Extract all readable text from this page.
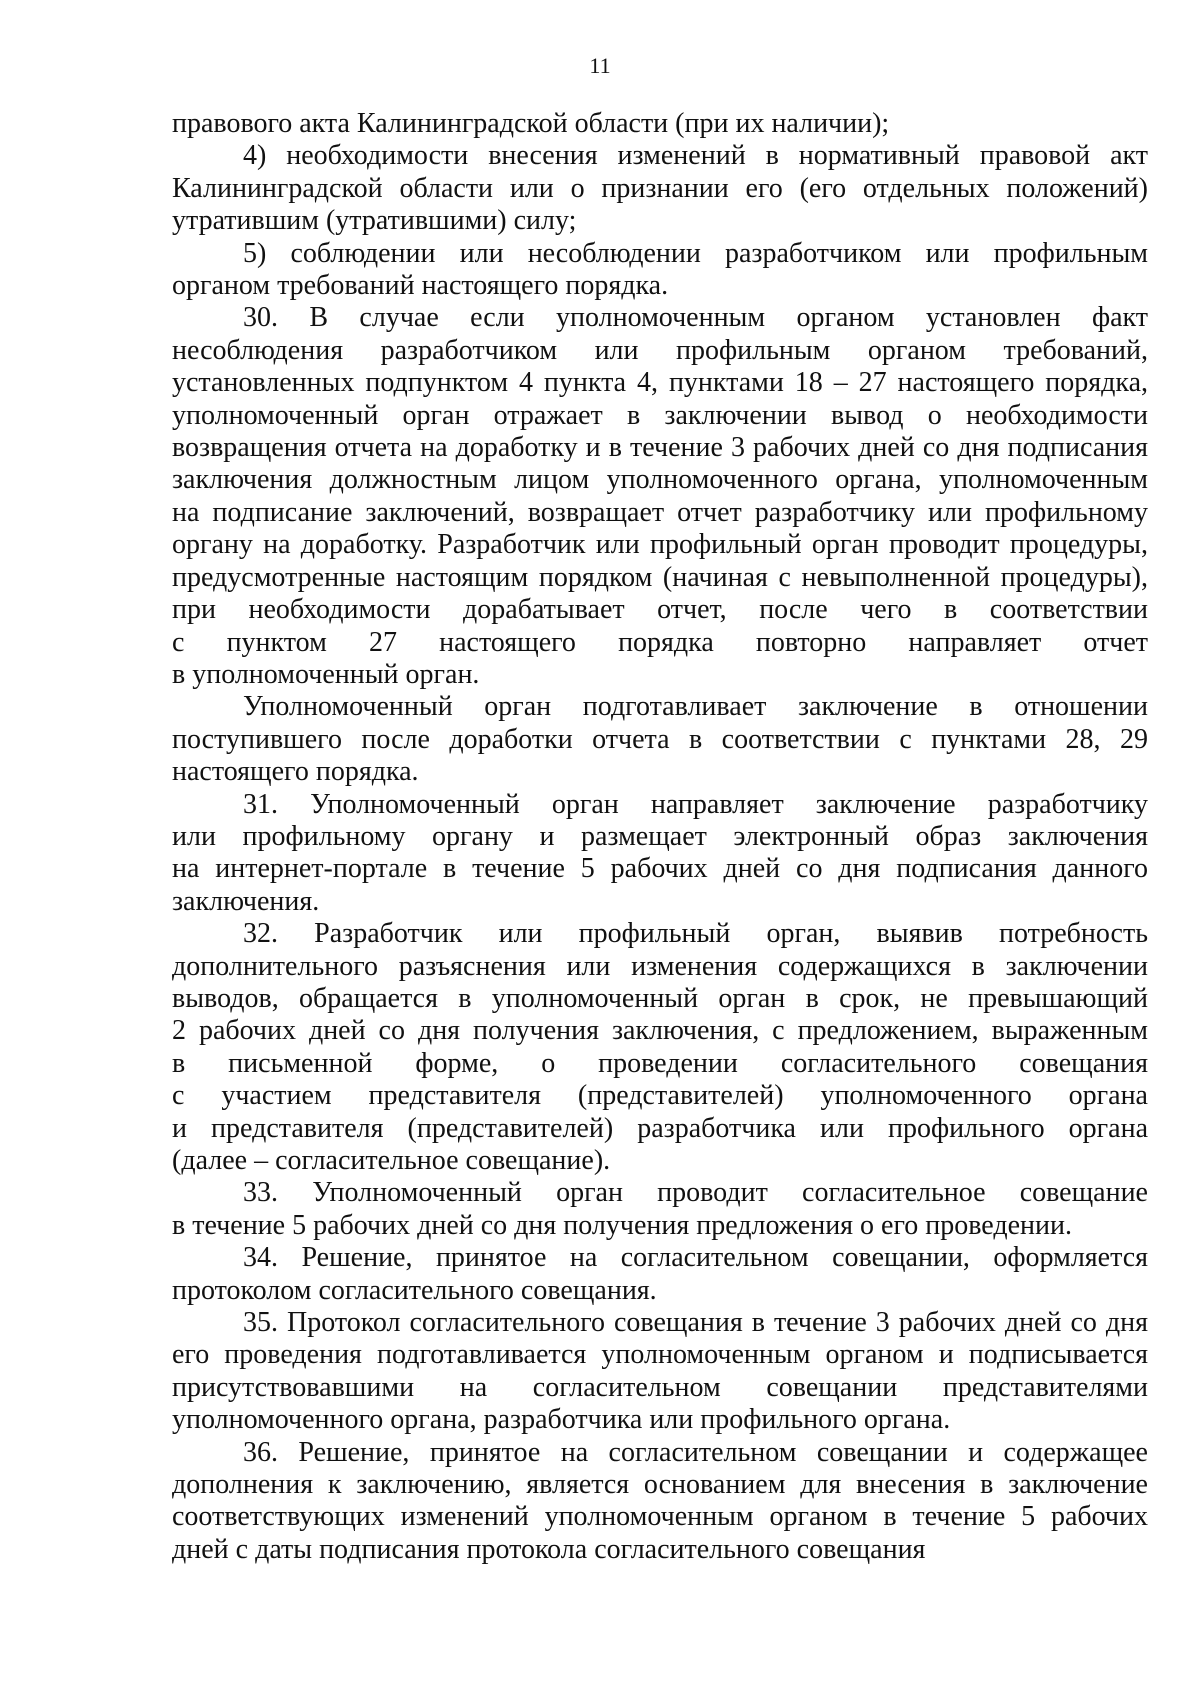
11

правового акта Калининградской области (при их наличии);

4) необходимости внесения изменений в нормативный правовой акт
Калининградской области или о признании его (его отдельных положений)
утратившим (утратившими) силу;

5) соблюдении или несоблюдении разработчиком или профильным
органом требований настоящего порядка.

30. В случае если уполномоченным органом установлен факт
несоблюдения разработчиком или профильным органом требований,
установленных подпунктом 4 пункта 4, пунктами 18 – 27 настоящего порядка,
уполномоченный орган отражает в заключении вывод о необходимости
возвращения отчета на доработку и в течение 3 рабочих дней со дня подписания
заключения должностным лицом уполномоченного органа, уполномоченным
на подписание заключений, возвращает отчет разработчику или профильному
органу на доработку. Разработчик или профильный орган проводит процедуры,
предусмотренные настоящим порядком (начиная с невыполненной процедуры),
при необходимости дорабатывает отчет, после чего в соответствии
с пунктом 27 настоящего порядка повторно направляет отчет
в уполномоченный орган.

Уполномоченный орган подготавливает заключение в отношении
поступившего после доработки отчета в соответствии с пунктами 28, 29
настоящего порядка.

31. Уполномоченный орган направляет заключение разработчику
или профильному органу и размещает электронный образ заключения
на интернет-портале в течение 5 рабочих дней со дня подписания данного
заключения.

32. Разработчик или профильный орган, выявив потребность
дополнительного разъяснения или изменения содержащихся в заключении
выводов, обращается в уполномоченный орган в срок, не превышающий
2 рабочих дней со дня получения заключения, с предложением, выраженным
в письменной форме, о проведении согласительного совещания
с участием представителя (представителей) уполномоченного органа
и представителя (представителей) разработчика или профильного органа
(далее – согласительное совещание).

33. Уполномоченный орган проводит согласительное совещание
в течение 5 рабочих дней со дня получения предложения о его проведении.

34. Решение, принятое на согласительном совещании, оформляется
протоколом согласительного совещания.

35. Протокол согласительного совещания в течение 3 рабочих дней со дня
его проведения подготавливается уполномоченным органом и подписывается
присутствовавшими на согласительном совещании представителями
уполномоченного органа, разработчика или профильного органа.

36. Решение, принятое на согласительном совещании и содержащее
дополнения к заключению, является основанием для внесения в заключение
соответствующих изменений уполномоченным органом в течение 5 рабочих
дней с даты подписания протокола согласительного совещания
